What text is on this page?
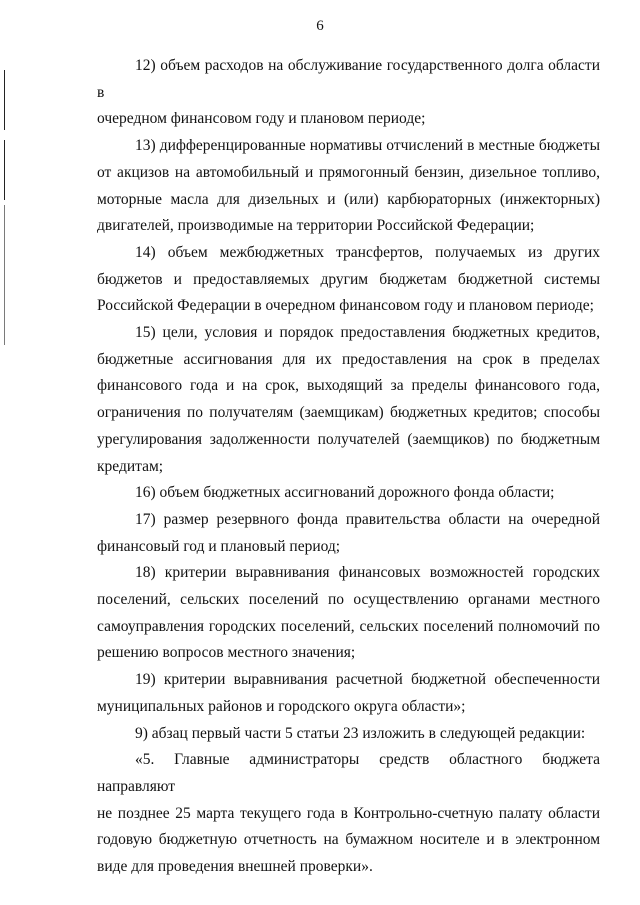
6
12) объем расходов на обслуживание государственного долга области в
очередном финансовом году и плановом периоде;
13) дифференцированные нормативы отчислений в местные бюджеты
от акцизов на автомобильный и прямогонный бензин, дизельное топливо,
моторные масла для дизельных и (или) карбюраторных (инжекторных)
двигателей, производимые на территории Российской Федерации;
14) объем межбюджетных трансфертов, получаемых из других
бюджетов и предоставляемых другим бюджетам бюджетной системы
Российской Федерации в очередном финансовом году и плановом периоде;
15) цели, условия и порядок предоставления бюджетных кредитов,
бюджетные ассигнования для их предоставления на срок в пределах
финансового года и на срок, выходящий за пределы финансового года,
ограничения по получателям (заемщикам) бюджетных кредитов; способы
урегулирования задолженности получателей (заемщиков) по бюджетным
кредитам;
16) объем бюджетных ассигнований дорожного фонда области;
17) размер резервного фонда правительства области на очередной
финансовый год и плановый период;
18) критерии выравнивания финансовых возможностей городских
поселений, сельских поселений по осуществлению органами местного
самоуправления городских поселений, сельских поселений полномочий по
решению вопросов местного значения;
19) критерии выравнивания расчетной бюджетной обеспеченности
муниципальных районов и городского округа области»;
9) абзац первый части 5 статьи 23 изложить в следующей редакции:
«5. Главные администраторы средств областного бюджета направляют
не позднее 25 марта текущего года в Контрольно-счетную палату области
годовую бюджетную отчетность на бумажном носителе и в электронном
виде для проведения внешней проверки».
